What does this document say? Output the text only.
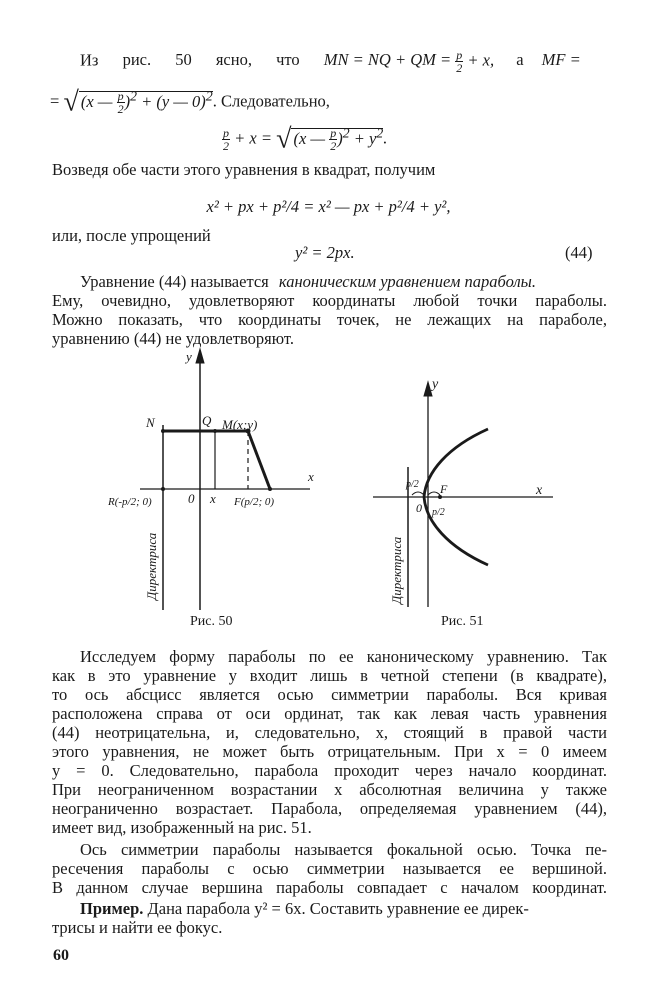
Из рис. 50 ясно, что MN = NQ + QM = $\frac{p}{2} + x$, а MF =
= √ (x — $\frac{p}{2} )^2 + (y$ — 0)$^2$. Следовательно,
$\frac{p}{2} + x$ = √ (x — $\frac{p}{2} )^2 + y^2$.
Возведя обе части этого уравнения в квадрат, получим
x² + px + p²/4 = x² — px + p²/4 + y²,
или, после упрощений
y² = 2px.	(44)
Уравнение (44) называется каноническим уравнением параболы.
Ему, очевидно, удовлетворяют координаты любой точки параболы.
Можно показать, что координаты точек, не лежащих на параболе,
уравнению (44) не удовлетворяют.
y
x
N	Q M(x;y)
0 x
R(-p/2; 0)	F(p/2; 0)
Директриса
Рис. 50
y
x
p/2
0
F
p/2
Директриса
Рис. 51
Исследуем форму параболы по ее каноническому уравнению. Так
как в это уравнение y входит лишь в четной степени (в квадрате),
то ось абсцисс является осью симметрии параболы. Вся кривая
расположена справа от оси ординат, так как левая часть уравнения
(44) неотрицательна, и, следовательно, x, стоящий в правой части
этого уравнения, не может быть отрицательным. При x = 0 имеем
y = 0. Следовательно, парабола проходит через начало координат.
При неограниченном возрастании x абсолютная величина y также
неограниченно возрастает. Парабола, определяемая уравнением (44),
имеет вид, изображенный на рис. 51.
Ось симметрии параболы называется фокальной осью. Точка пе-
ресечения параболы с осью симметрии называется ее вершиной.
В данном случае вершина параболы совпадает с началом координат.
Пример. Дана парабола y² = 6x. Составить уравнение ее дирек-
трисы и найти ее фокус.
60
